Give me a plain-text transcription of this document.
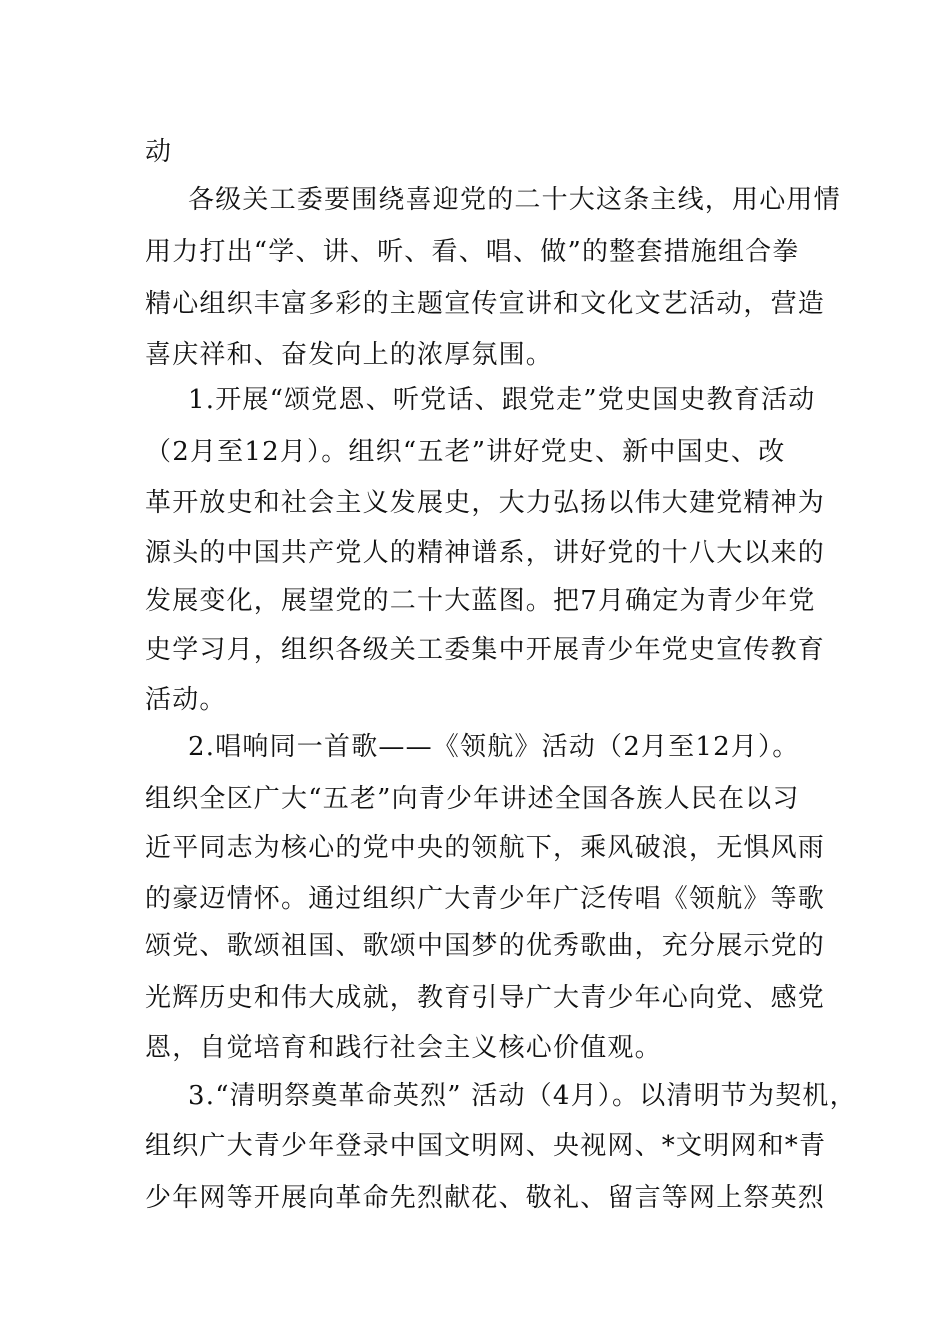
动
各级关工委要围绕喜迎党的二十大这条主线，用心用情
用力打出“学、讲、听、看、唱、做”的整套措施组合拳
精心组织丰富多彩的主题宣传宣讲和文化文艺活动，营造
喜庆祥和、奋发向上的浓厚氛围。
1.开展“颂党恩、听党话、跟党走”党史国史教育活动
（2月至12月）。组织“五老”讲好党史、新中国史、改
革开放史和社会主义发展史，大力弘扬以伟大建党精神为
源头的中国共产党人的精神谱系，讲好党的十八大以来的
发展变化，展望党的二十大蓝图。把7月确定为青少年党
史学习月，组织各级关工委集中开展青少年党史宣传教育
活动。
2.唱响同一首歌——《领航》活动（2月至12月）。
组织全区广大“五老”向青少年讲述全国各族人民在以习
近平同志为核心的党中央的领航下，乘风破浪，无惧风雨
的豪迈情怀。通过组织广大青少年广泛传唱《领航》等歌
颂党、歌颂祖国、歌颂中国梦的优秀歌曲，充分展示党的
光辉历史和伟大成就，教育引导广大青少年心向党、感党
恩，自觉培育和践行社会主义核心价值观。
3.“清明祭奠革命英烈” 活动（4月）。以清明节为契机，
组织广大青少年登录中国文明网、央视网、*文明网和*青
少年网等开展向革命先烈献花、敬礼、留言等网上祭英烈
